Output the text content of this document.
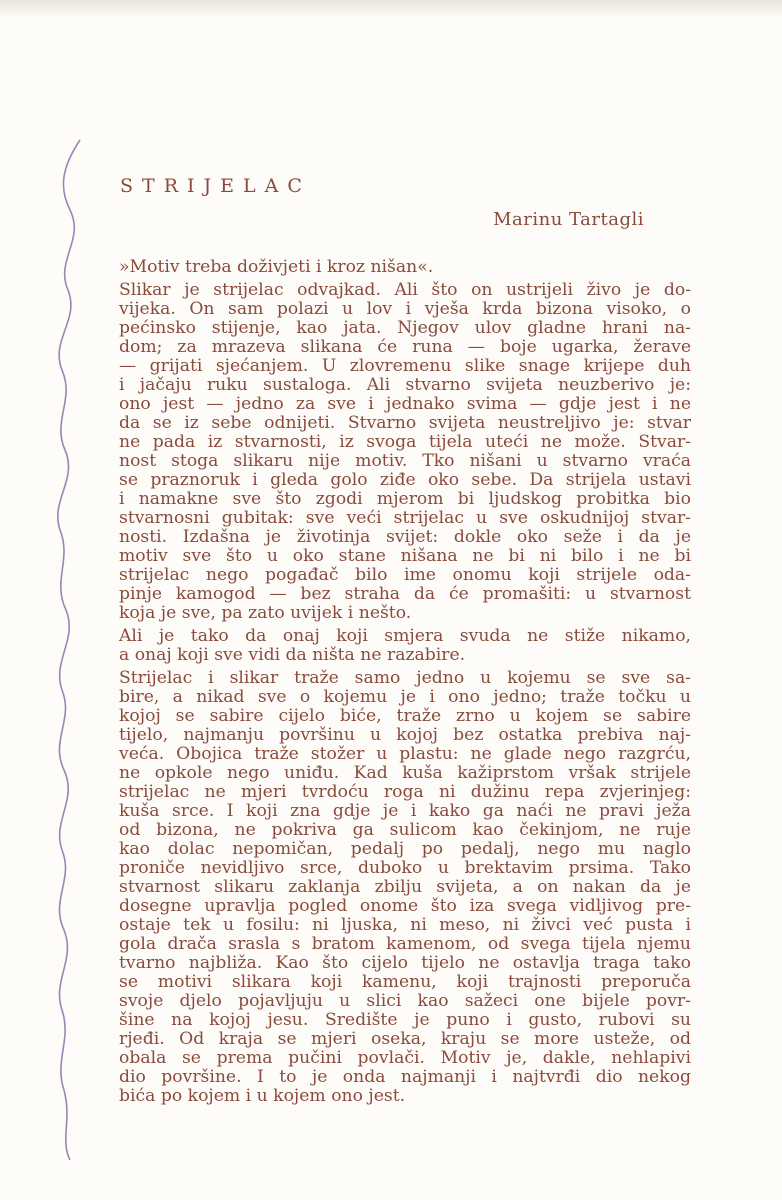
STRIJELAC
Marinu Tartagli
»Motiv treba doživjeti i kroz nišan«.
Slikar je strijelac odvajkad. Ali što on ustrijeli živo je do-
vijeka. On sam polazi u lov i vješa krda bizona visoko, o
pećinsko stijenje, kao jata. Njegov ulov gladne hrani na-
dom; za mrazeva slikana će runa — boje ugarka, žerave
— grijati sjećanjem. U zlovremenu slike snage krijepe duh
i jačaju ruku sustaloga. Ali stvarno svijeta neuzberivo je:
ono jest — jedno za sve i jednako svima — gdje jest i ne
da se iz sebe odnijeti. Stvarno svijeta neustreljivo je: stvar
ne pada iz stvarnosti, iz svoga tijela uteći ne može. Stvar-
nost stoga slikaru nije motiv. Tko nišani u stvarno vraća
se praznoruk i gleda golo ziđe oko sebe. Da strijela ustavi
i namakne sve što zgodi mjerom bi ljudskog probitka bio
stvarnosni gubitak: sve veći strijelac u sve oskudnijoj stvar-
nosti. Izdašna je životinja svijet: dokle oko seže i da je
motiv sve što u oko stane nišana ne bi ni bilo i ne bi
strijelac nego pogađač bilo ime onomu koji strijele oda-
pinje kamogod — bez straha da će promašiti: u stvarnost
koja je sve, pa zato uvijek i nešto.
Ali je tako da onaj koji smjera svuda ne stiže nikamo,
a onaj koji sve vidi da ništa ne razabire.
Strijelac i slikar traže samo jedno u kojemu se sve sa-
bire, a nikad sve o kojemu je i ono jedno; traže točku u
kojoj se sabire cijelo biće, traže zrno u kojem se sabire
tijelo, najmanju površinu u kojoj bez ostatka prebiva naj-
veća. Obojica traže stožer u plastu: ne glade nego razgrću,
ne opkole nego uniđu. Kad kuša kažiprstom vršak strijele
strijelac ne mjeri tvrdoću roga ni dužinu repa zvjerinjeg:
kuša srce. I koji zna gdje je i kako ga naći ne pravi ježa
od bizona, ne pokriva ga sulicom kao čekinjom, ne ruje
kao dolac nepomičan, pedalj po pedalj, nego mu naglo
proniče nevidljivo srce, duboko u brektavim prsima. Tako
stvarnost slikaru zaklanja zbilju svijeta, a on nakan da je
dosegne upravlja pogled onome što iza svega vidljivog pre-
ostaje tek u fosilu: ni ljuska, ni meso, ni živci već pusta i
gola drača srasla s bratom kamenom, od svega tijela njemu
tvarno najbliža. Kao što cijelo tijelo ne ostavlja traga tako
se motivi slikara koji kamenu, koji trajnosti preporuča
svoje djelo pojavljuju u slici kao sažeci one bijele povr-
šine na kojoj jesu. Središte je puno i gusto, rubovi su
rjeđi. Od kraja se mjeri oseka, kraju se more usteže, od
obala se prema pučini povlači. Motiv je, dakle, nehlapivi
dio površine. I to je onda najmanji i najtvrđi dio nekog
bića po kojem i u kojem ono jest.
